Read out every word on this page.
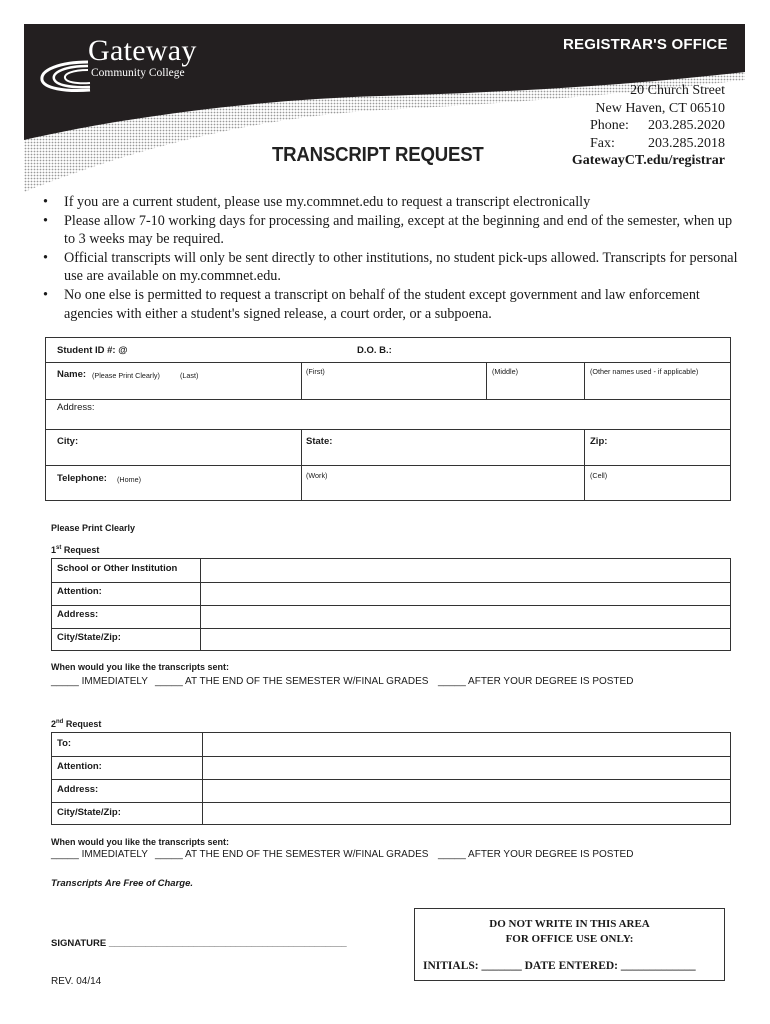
Gateway
Community College
REGISTRAR'S OFFICE
20 Church Street
New Haven, CT 06510
Phone: 203.285.2020
Fax: 203.285.2018
GatewayCT.edu/registrar
TRANSCRIPT REQUEST
• If you are a current student, please use my.commnet.edu to request a transcript electronically
• Please allow 7-10 working days for processing and mailing, except at the beginning and end of the semester, when up to 3 weeks may be required.
• Official transcripts will only be sent directly to other institutions, no student pick-ups allowed. Transcripts for personal use are available on my.commnet.edu.
• No one else is permitted to request a transcript on behalf of the student except government and law enforcement agencies with either a student's signed release, a court order, or a subpoena.
Student ID #: @	D.O. B.:
Name: (Please Print Clearly)	(Last)	(First)	(Middle)	(Other names used - if applicable)
Address:
City:	State:	Zip:
Telephone: (Home)	(Work)	(Cell)
Please Print Clearly
1st Request
School or Other Institution
Attention:
Address:
City/State/Zip:
When would you like the transcripts sent:
_____ IMMEDIATELY _____ AT THE END OF THE SEMESTER W/FINAL GRADES _____ AFTER YOUR DEGREE IS POSTED
2nd Request
To:
Attention:
Address:
City/State/Zip:
When would you like the transcripts sent:
_____ IMMEDIATELY _____ AT THE END OF THE SEMESTER W/FINAL GRADES _____ AFTER YOUR DEGREE IS POSTED
Transcripts Are Free of Charge.
SIGNATURE _____________________________________________
DO NOT WRITE IN THIS AREA
FOR OFFICE USE ONLY:
INITIALS: _______ DATE ENTERED: _____________
REV. 04/14
